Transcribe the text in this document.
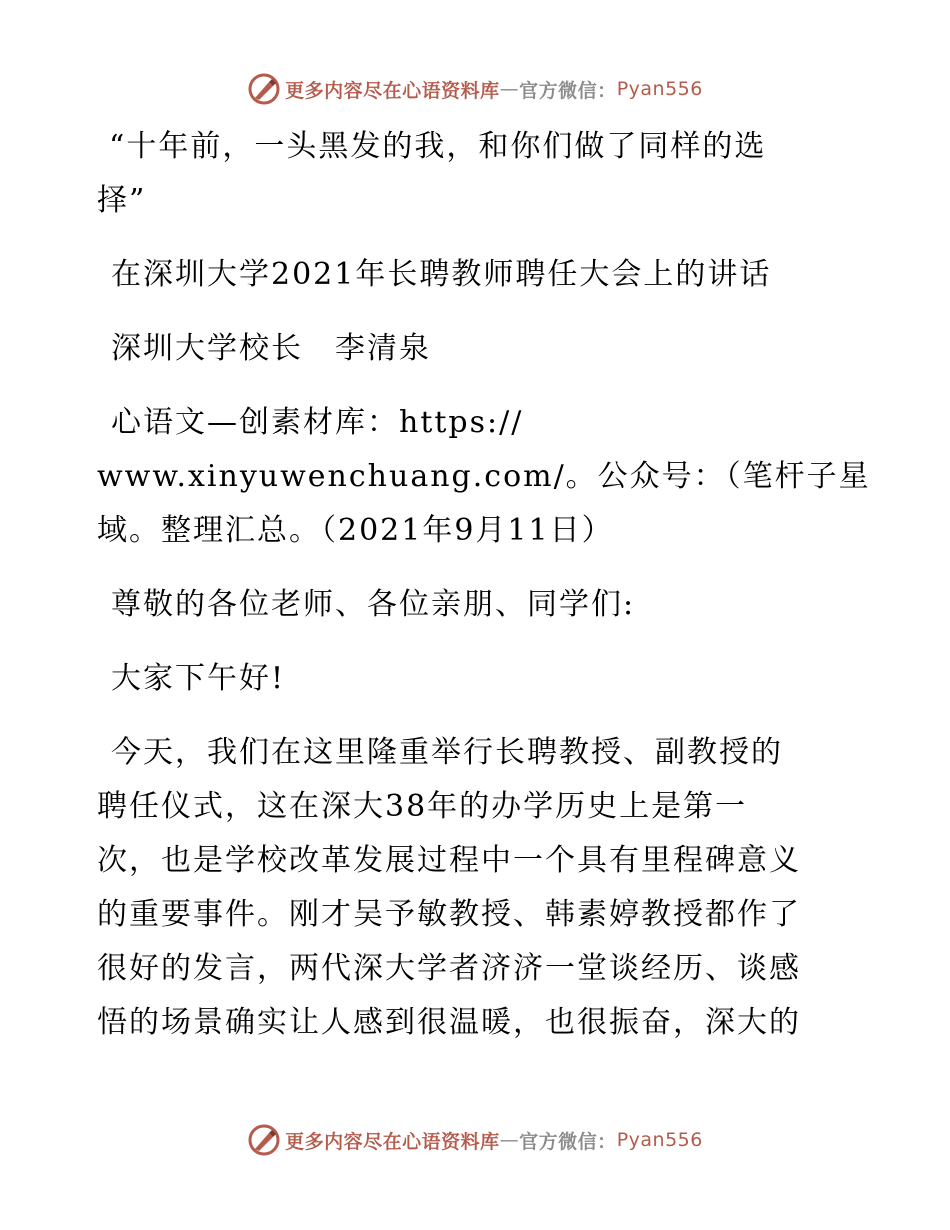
更多内容尽在心语资料库 — 官方微信： Pyan556
“十年前，一头黑发的我，和你们做了同样的选
择”
在深圳大学2021年长聘教师聘任大会上的讲话
深圳大学校长　李清泉
心语文—创素材库：https://
www.xinyuwenchuang.com/。公众号：（笔杆子星
域。整理汇总。（2021年9月11日）
尊敬的各位老师、各位亲朋、同学们:
大家下午好!
今天，我们在这里隆重举行长聘教授、副教授的
聘任仪式，这在深大38年的办学历史上是第一
次，也是学校改革发展过程中一个具有里程碑意义
的重要事件。刚才吴予敏教授、韩素婷教授都作了
很好的发言，两代深大学者济济一堂谈经历、谈感
悟的场景确实让人感到很温暖，也很振奋，深大的
更多内容尽在心语资料库 — 官方微信： Pyan556
